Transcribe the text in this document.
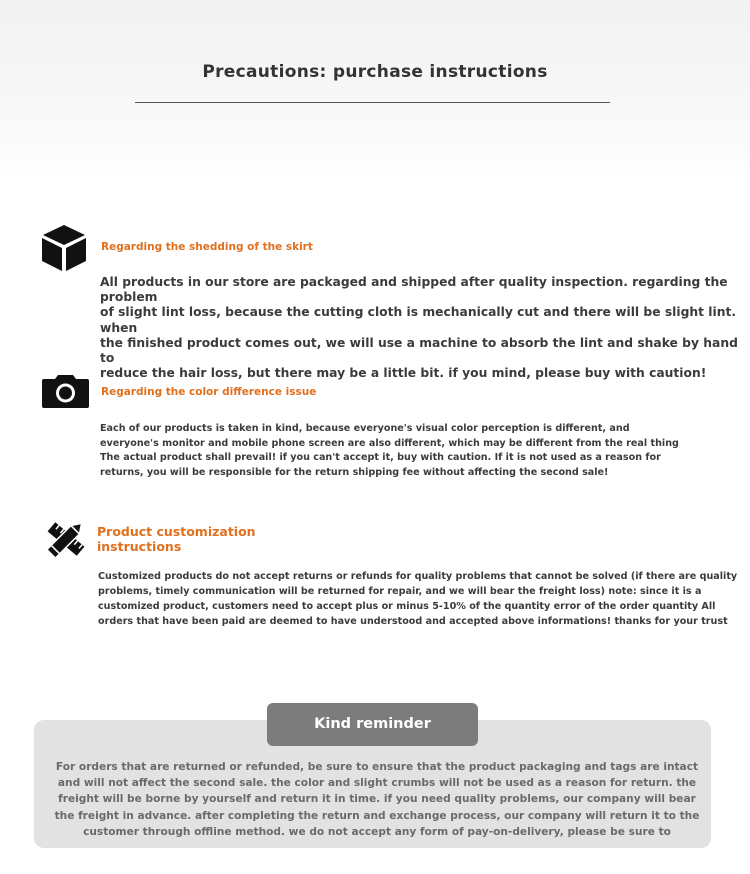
Precautions: purchase instructions
Regarding the shedding of the skirt
All products in our store are packaged and shipped after quality inspection. regarding the problem
of slight lint loss, because the cutting cloth is mechanically cut and there will be slight lint. when
the finished product comes out, we will use a machine to absorb the lint and shake by hand to
reduce the hair loss, but there may be a little bit. if you mind, please buy with caution!
Regarding the color difference issue
Each of our products is taken in kind, because everyone's visual color perception is different, and
everyone's monitor and mobile phone screen are also different, which may be different from the real thing
The actual product shall prevail! if you can't accept it, buy with caution. If it is not used as a reason for
returns, you will be responsible for the return shipping fee without affecting the second sale!
Product customization
instructions
Customized products do not accept returns or refunds for quality problems that cannot be solved (if there are quality
problems, timely communication will be returned for repair, and we will bear the freight loss) note: since it is a
customized product, customers need to accept plus or minus 5-10% of the quantity error of the order quantity All
orders that have been paid are deemed to have understood and accepted above informations! thanks for your trust
Kind reminder
For orders that are returned or refunded, be sure to ensure that the product packaging and tags are intact
and will not affect the second sale. the color and slight crumbs will not be used as a reason for return. the
freight will be borne by yourself and return it in time. if you need quality problems, our company will bear
the freight in advance. after completing the return and exchange process, our company will return it to the
customer through offline method. we do not accept any form of pay-on-delivery, please be sure to
